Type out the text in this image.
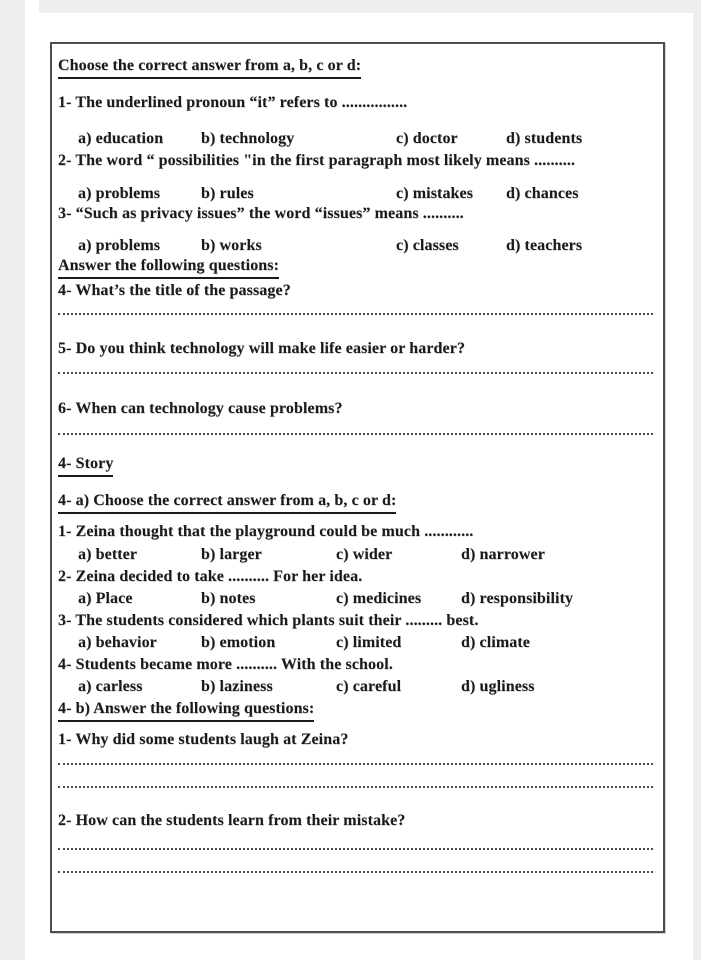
Choose the correct answer from a, b, c or d:
1- The underlined pronoun “it” refers to ................
a) education	b) technology	c) doctor	d) students
2- The word “ possibilities "in the first paragraph most likely means ..........
a) problems	b) rules	c) mistakes	d) chances
3- “Such as privacy issues” the word “issues” means ..........
a) problems	b) works	c) classes	d) teachers
Answer the following questions:
4- What’s the title of the passage?
5- Do you think technology will make life easier or harder?
6- When can technology cause problems?
4- Story
4- a) Choose the correct answer from a, b, c or d:
1- Zeina thought that the playground could be much ............
a) better	b) larger	c) wider	d) narrower
2- Zeina decided to take .......... For her idea.
a) Place	b) notes	c) medicines	d) responsibility
3- The students considered which plants suit their ......... best.
a) behavior	b) emotion	c) limited	d) climate
4- Students became more .......... With the school.
a) carless	b) laziness	c) careful	d) ugliness
4- b) Answer the following questions:
1- Why did some students laugh at Zeina?
2- How can the students learn from their mistake?
